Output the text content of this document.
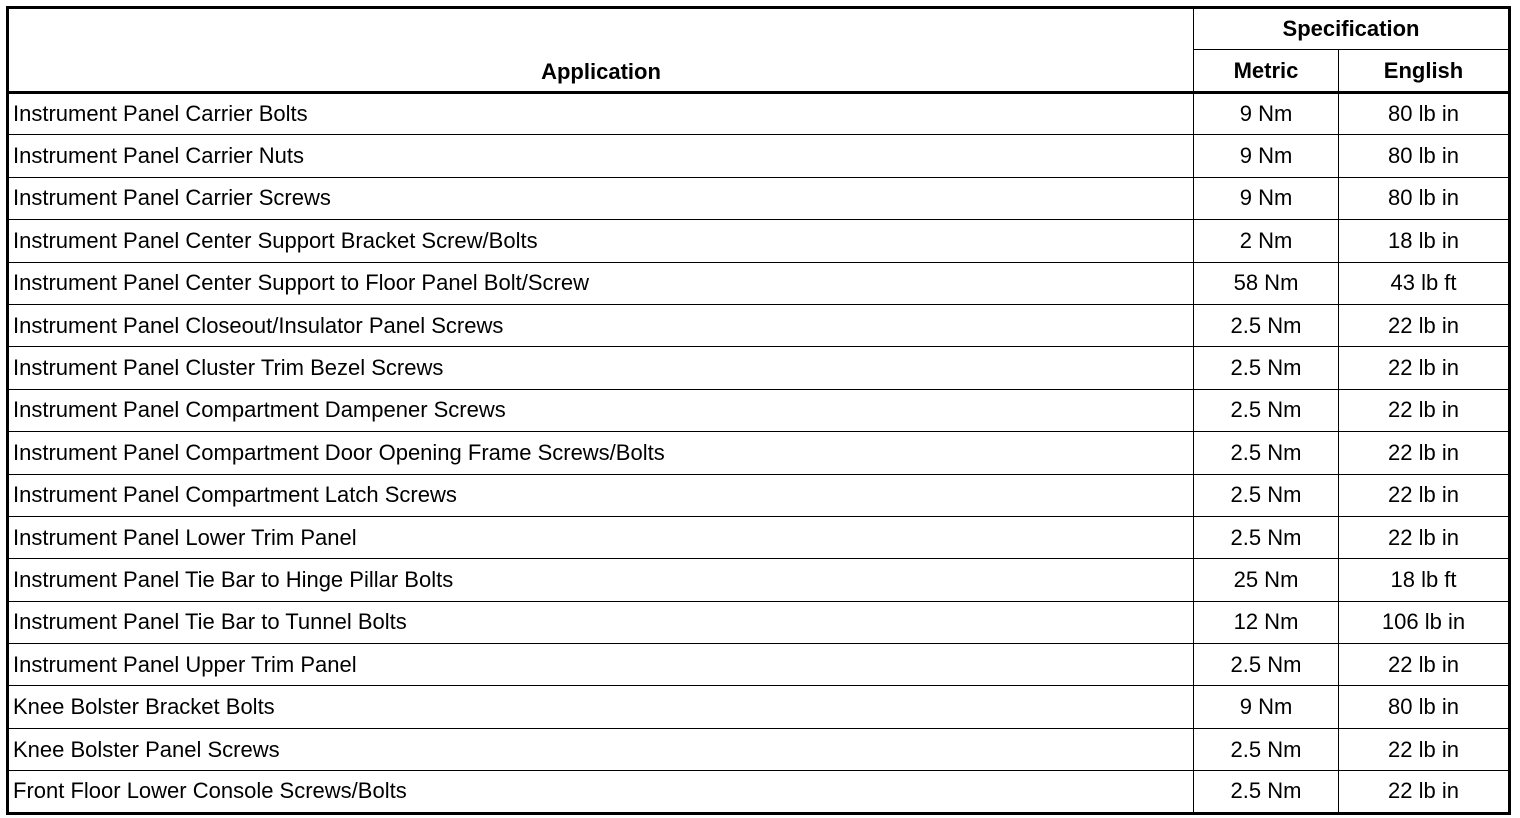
Application	Specification	
	Metric	English
Instrument Panel Carrier Bolts	9 Nm	80 lb in
Instrument Panel Carrier Nuts	9 Nm	80 lb in
Instrument Panel Carrier Screws	9 Nm	80 lb in
Instrument Panel Center Support Bracket Screw/Bolts	2 Nm	18 lb in
Instrument Panel Center Support to Floor Panel Bolt/Screw	58 Nm	43 lb ft
Instrument Panel Closeout/Insulator Panel Screws	2.5 Nm	22 lb in
Instrument Panel Cluster Trim Bezel Screws	2.5 Nm	22 lb in
Instrument Panel Compartment Dampener Screws	2.5 Nm	22 lb in
Instrument Panel Compartment Door Opening Frame Screws/Bolts	2.5 Nm	22 lb in
Instrument Panel Compartment Latch Screws	2.5 Nm	22 lb in
Instrument Panel Lower Trim Panel	2.5 Nm	22 lb in
Instrument Panel Tie Bar to Hinge Pillar Bolts	25 Nm	18 lb ft
Instrument Panel Tie Bar to Tunnel Bolts	12 Nm	106 lb in
Instrument Panel Upper Trim Panel	2.5 Nm	22 lb in
Knee Bolster Bracket Bolts	9 Nm	80 lb in
Knee Bolster Panel Screws	2.5 Nm	22 lb in
Front Floor Lower Console Screws/Bolts	2.5 Nm	22 lb in
